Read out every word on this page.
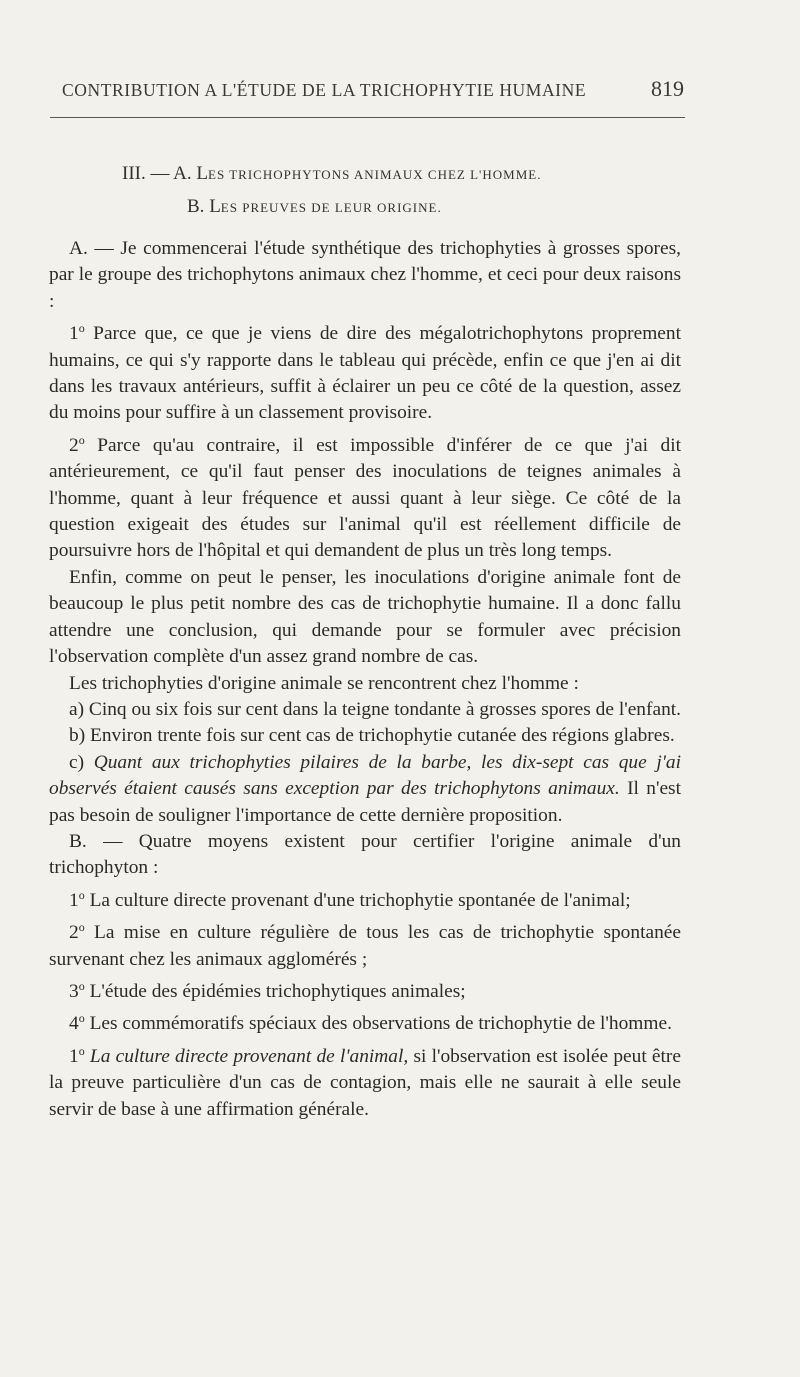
CONTRIBUTION A L'ÉTUDE DE LA TRICHOPHYTIE HUMAINE	819
III. — A. LES TRICHOPHYTONS ANIMAUX CHEZ L'HOMME.
B. LES PREUVES DE LEUR ORIGINE.

A. — Je commencerai l'étude synthétique des trichophyties à grosses spores, par le groupe des trichophytons animaux chez l'homme, et ceci pour deux raisons :

1$^o$ Parce que, ce que je viens de dire des mégalotrichophytons proprement humains, ce qui s'y rapporte dans le tableau qui précède, enfin ce que j'en ai dit dans les travaux antérieurs, suffit à éclairer un peu ce côté de la question, assez du moins pour suffire à un classement provisoire.

2$^o$ Parce qu'au contraire, il est impossible d'inférer de ce que j'ai dit antérieurement, ce qu'il faut penser des inoculations de teignes animales à l'homme, quant à leur fréquence et aussi quant à leur siège. Ce côté de la question exigeait des études sur l'animal qu'il est réellement difficile de poursuivre hors de l'hôpital et qui demandent de plus un très long temps.

Enfin, comme on peut le penser, les inoculations d'origine animale font de beaucoup le plus petit nombre des cas de trichophytie humaine. Il a donc fallu attendre une conclusion, qui demande pour se formuler avec précision l'observation complète d'un assez grand nombre de cas.

Les trichophyties d'origine animale se rencontrent chez l'homme :

a) Cinq ou six fois sur cent dans la teigne tondante à grosses spores de l'enfant.

b) Environ trente fois sur cent cas de trichophytie cutanée des régions glabres.

c) Quant aux trichophyties pilaires de la barbe, les dix-sept cas que j'ai observés étaient causés sans exception par des trichophytons animaux. Il n'est pas besoin de souligner l'importance de cette dernière proposition.

B. — Quatre moyens existent pour certifier l'origine animale d'un trichophyton :

1$^o$ La culture directe provenant d'une trichophytie spontanée de l'animal;

2$^o$ La mise en culture régulière de tous les cas de trichophytie spontanée survenant chez les animaux agglomérés ;

3$^o$ L'étude des épidémies trichophytiques animales;

4$^o$ Les commémoratifs spéciaux des observations de trichophytie de l'homme.

1$^o$ La culture directe provenant de l'animal, si l'observation est isolée peut être la preuve particulière d'un cas de contagion, mais elle ne saurait à elle seule servir de base à une affirmation générale.
